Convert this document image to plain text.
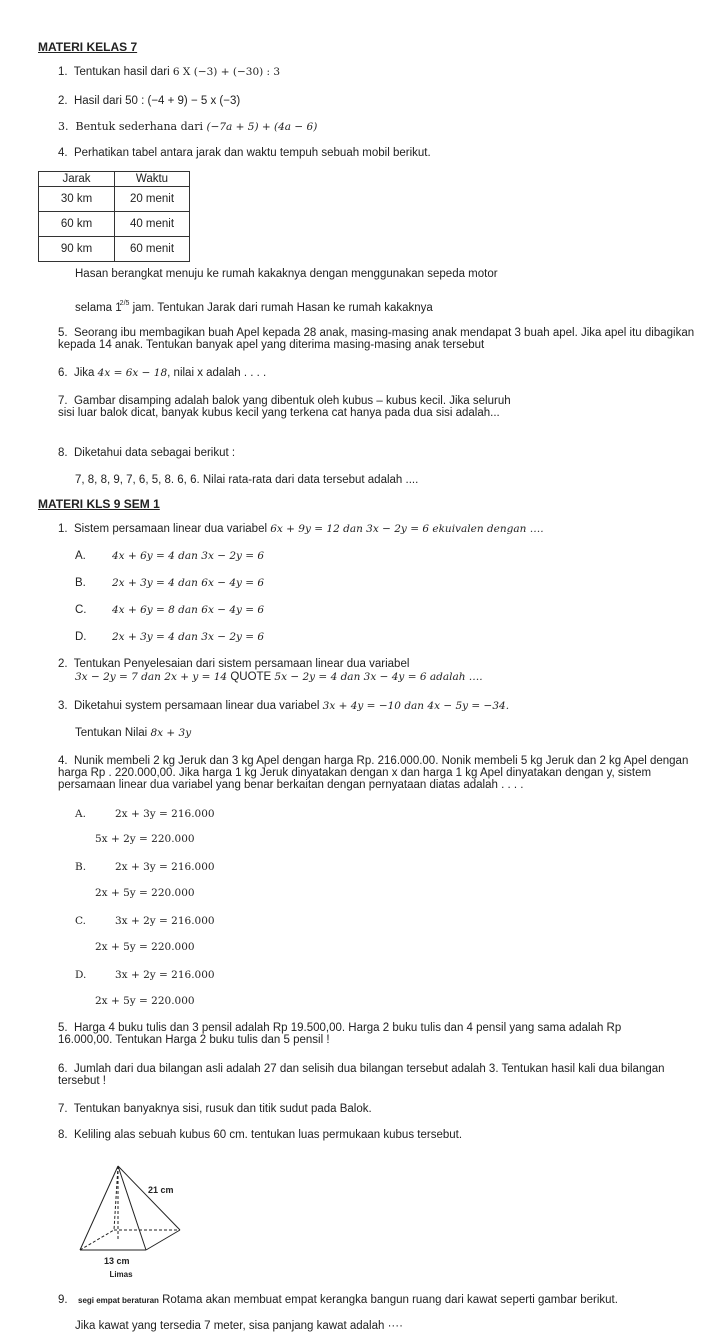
MATERI KELAS 7
1. Tentukan hasil dari 6 X (−3) + (−30) : 3
2. Hasil dari 50 : (−4 + 9) − 5 x (−3)
3. Bentuk sederhana dari (−7a + 5) + (4a − 6)
4. Perhatikan tabel antara jarak dan waktu tempuh sebuah mobil berikut.
Jarak	Waktu
30 km	20 menit
60 km	40 menit
90 km	60 menit
Hasan berangkat menuju ke rumah kakaknya dengan menggunakan sepeda motor
selama 12/5 jam. Tentukan Jarak dari rumah Hasan ke rumah kakaknya
5. Seorang ibu membagikan buah Apel kepada 28 anak, masing-masing anak mendapat 3 buah apel. Jika apel itu dibagikan kepada 14 anak. Tentukan banyak apel yang diterima masing-masing anak tersebut
6. Jika 4x = 6x − 18, nilai x adalah . . . .
7. Gambar disamping adalah balok yang dibentuk oleh kubus – kubus kecil. Jika seluruh sisi luar balok dicat, banyak kubus kecil yang terkena cat hanya pada dua sisi adalah...
8. Diketahui data sebagai berikut :
7, 8, 8, 9, 7, 6, 5, 8. 6, 6. Nilai rata-rata dari data tersebut adalah ....
MATERI KLS 9 SEM 1
1. Sistem persamaan linear dua variabel 6x + 9y = 12 dan 3x − 2y = 6 ekuivalen dengan ….
A. 4x + 6y = 4 dan 3x − 2y = 6
B. 2x + 3y = 4 dan 6x − 4y = 6
C. 4x + 6y = 8 dan 6x − 4y = 6
D. 2x + 3y = 4 dan 3x − 2y = 6
2. Tentukan Penyelesaian dari sistem persamaan linear dua variabel
3x − 2y = 7 dan 2x + y = 14 QUOTE 5x − 2y = 4 dan 3x − 4y = 6 adalah ….
3. Diketahui system persamaan linear dua variabel 3x + 4y = −10 dan 4x − 5y = −34.
Tentukan Nilai 8x + 3y
4. Nunik membeli 2 kg Jeruk dan 3 kg Apel dengan harga Rp. 216.000.00. Nonik membeli 5 kg Jeruk dan 2 kg Apel dengan harga Rp . 220.000,00. Jika harga 1 kg Jeruk dinyatakan dengan x dan harga 1 kg Apel dinyatakan dengan y, sistem persamaan linear dua variabel yang benar berkaitan dengan pernyataan diatas adalah . . . .
A.	2x + 3y = 216.000
5x + 2y = 220.000
B.	2x + 3y = 216.000
2x + 5y = 220.000
C.	3x + 2y = 216.000
2x + 5y = 220.000
D.	3x + 2y = 216.000
2x + 5y = 220.000
5. Harga 4 buku tulis dan 3 pensil adalah Rp 19.500,00. Harga 2 buku tulis dan 4 pensil yang sama adalah Rp 16.000,00. Tentukan Harga 2 buku tulis dan 5 pensil !
6. Jumlah dari dua bilangan asli adalah 27 dan selisih dua bilangan tersebut adalah 3. Tentukan hasil kali dua bilangan tersebut !
7. Tentukan banyaknya sisi, rusuk dan titik sudut pada Balok.
8. Keliling alas sebuah kubus 60 cm. tentukan luas permukaan kubus tersebut.
21 cm
13 cm
Limas
9. segi empat beraturan Rotama akan membuat empat kerangka bangun ruang dari kawat seperti gambar berikut.
Jika kawat yang tersedia 7 meter, sisa panjang kawat adalah ····
